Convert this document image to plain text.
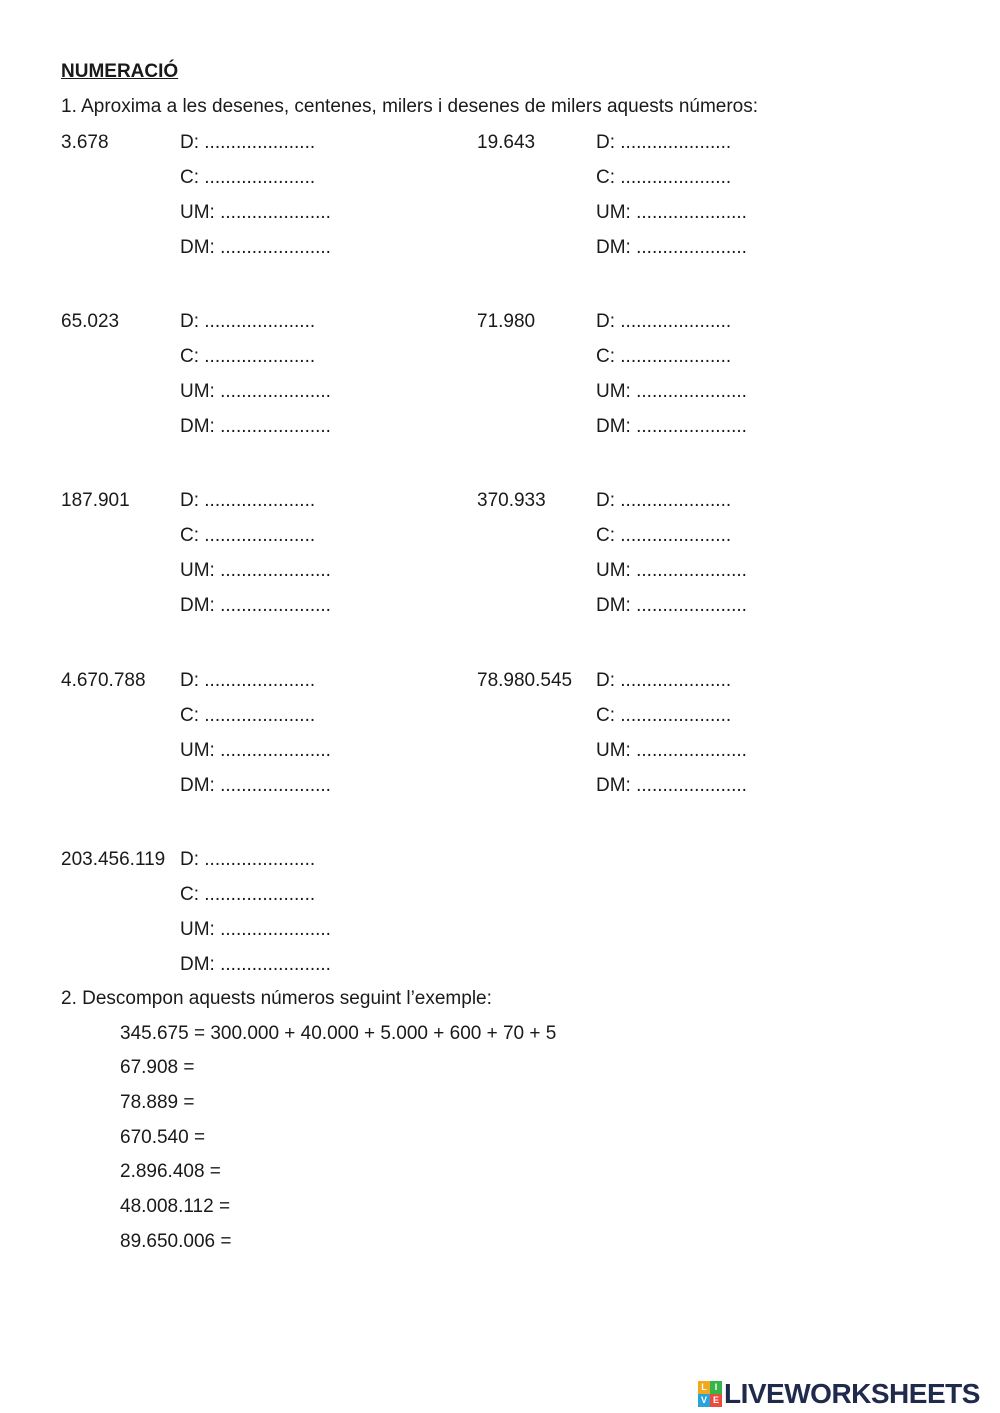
NUMERACIÓ
1. Aproxima a les desenes, centenes, milers i desenes de milers aquests números:
3.678	D: .....................
C: .....................
UM: .....................
DM: .....................
19.643	D: .....................
C: .....................
UM: .....................
DM: .....................
65.023	D: .....................
C: .....................
UM: .....................
DM: .....................
71.980	D: .....................
C: .....................
UM: .....................
DM: .....................
187.901	D: .....................
C: .....................
UM: .....................
DM: .....................
370.933	D: .....................
C: .....................
UM: .....................
DM: .....................
4.670.788 D: .....................
C: .....................
UM: .....................
DM: .....................
78.980.545 D: .....................
C: .....................
UM: .....................
DM: .....................
203.456.119 D: .....................
C: .....................
UM: .....................
DM: .....................
2. Descompon aquests números seguint l’exemple:
345.675 = 300.000 + 40.000 + 5.000 + 600 + 70 + 5
67.908 =
78.889 =
670.540 =
2.896.408 =
48.008.112 =
89.650.006 =
L I
V E LIVEWORKSHEETS
